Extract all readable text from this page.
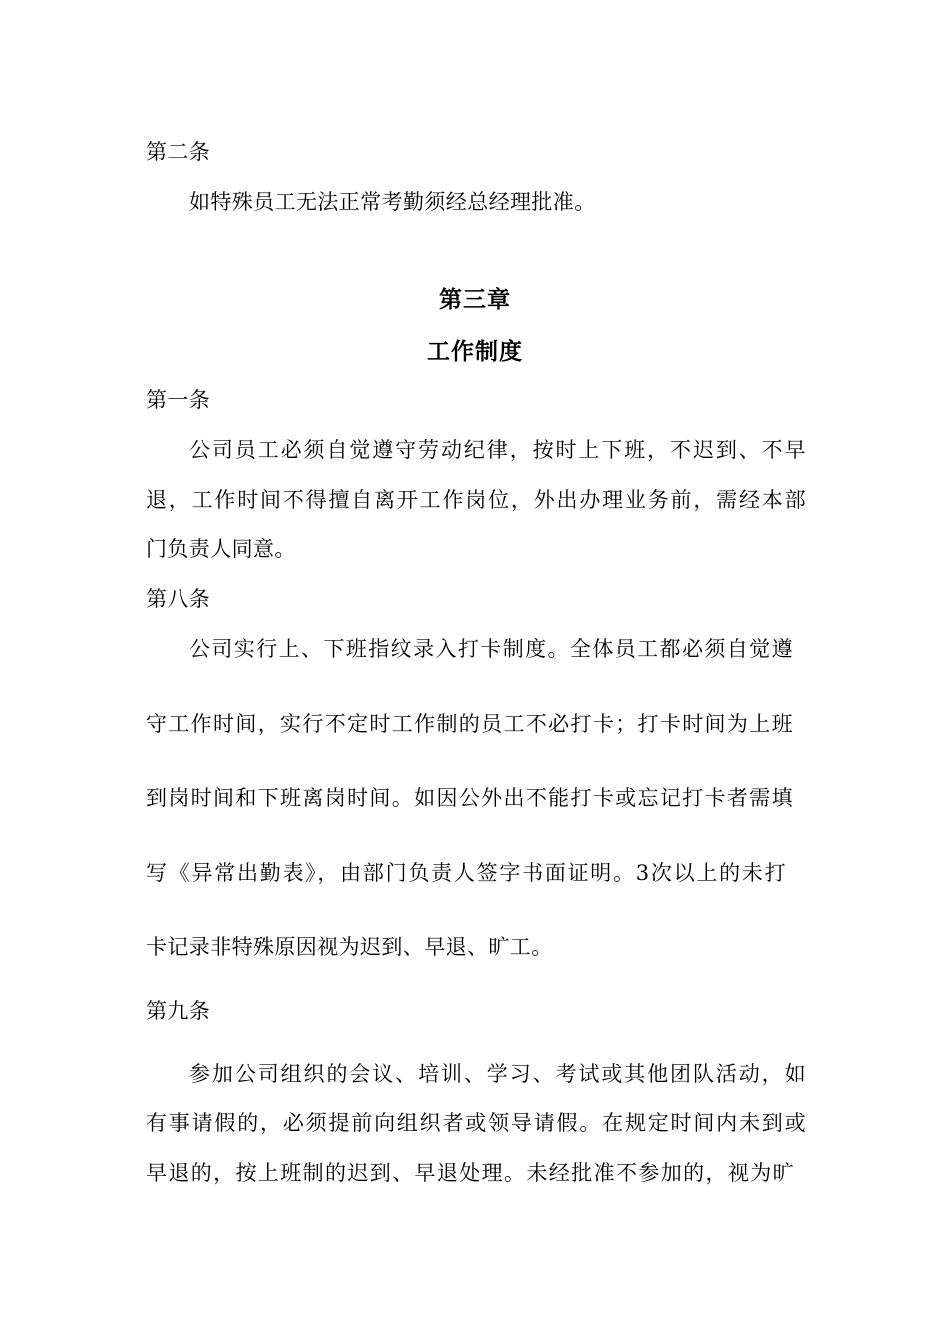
第二条
如特殊员工无法正常考勤须经总经理批准。
第三章
工作制度
第一条
公司员工必须自觉遵守劳动纪律，按时上下班，不迟到、不早
退，工作时间不得擅自离开工作岗位，外出办理业务前，需经本部
门负责人同意。
第八条
公司实行上、下班指纹录入打卡制度。全体员工都必须自觉遵
守工作时间，实行不定时工作制的员工不必打卡；打卡时间为上班
到岗时间和下班离岗时间。如因公外出不能打卡或忘记打卡者需填
写《异常出勤表》，由部门负责人签字书面证明。3次以上的未打
卡记录非特殊原因视为迟到、早退、旷工。
第九条
参加公司组织的会议、培训、学习、考试或其他团队活动，如
有事请假的，必须提前向组织者或领导请假。在规定时间内未到或
早退的，按上班制的迟到、早退处理。未经批准不参加的，视为旷
